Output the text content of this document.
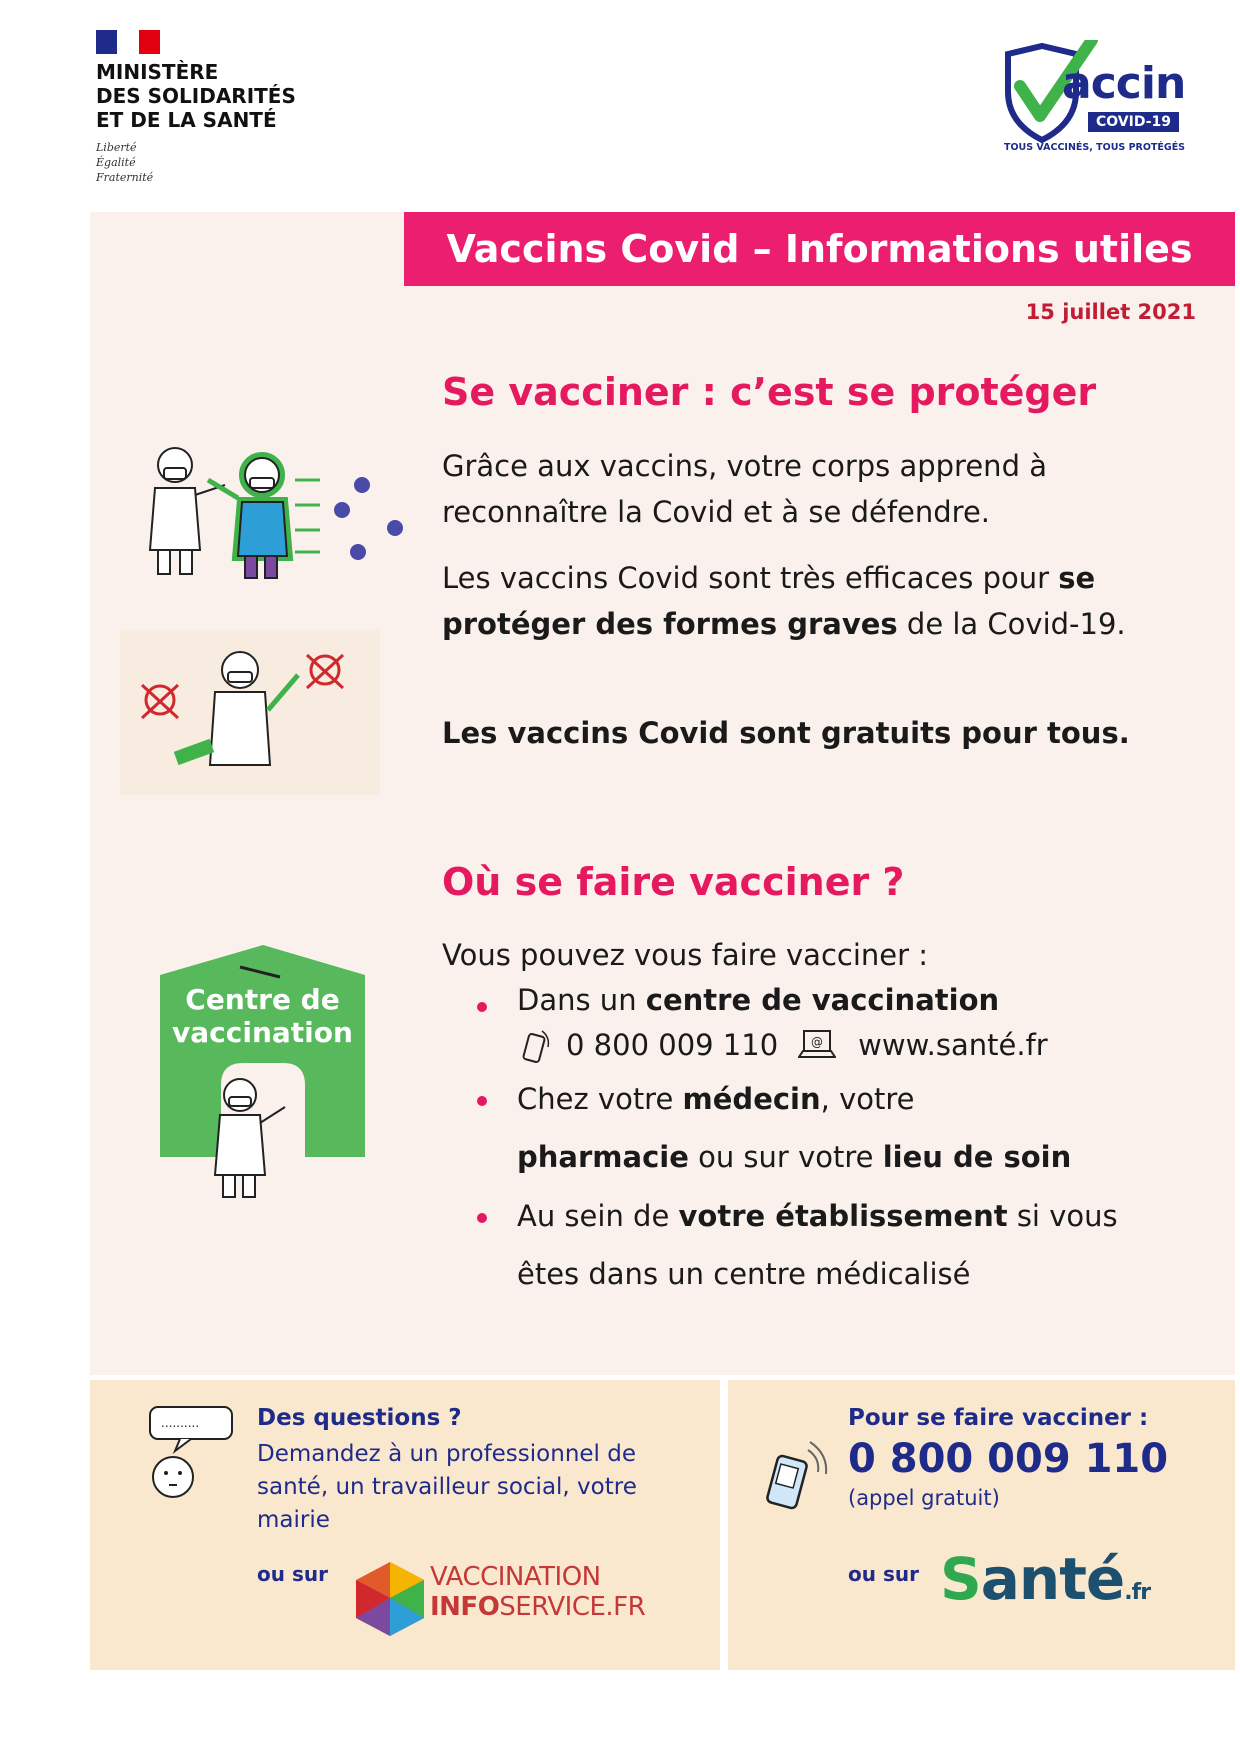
MINISTÈRE
DES SOLIDARITÉS
ET DE LA SANTÉ
Liberté
Égalité
Fraternité
accin
COVID-19
TOUS VACCINÉS, TOUS PROTÉGÉS
Vaccins Covid – Informations utiles
15 juillet 2021
Se vacciner : c’est se protéger
Grâce aux vaccins, votre corps apprend à reconnaître la Covid et à se défendre.
Les vaccins Covid sont très efficaces pour se protéger des formes graves de la Covid-19.
Les vaccins Covid sont gratuits pour tous.
Où se faire vacciner ?
Vous pouvez vous faire vacciner :
Dans un centre de vaccination
0 800 009 110	@ www.santé.fr
Chez votre médecin, votre
pharmacie ou sur votre lieu de soin
Au sein de votre établissement si vous êtes dans un centre médicalisé
Centre de vaccination
..........	Des questions ?
Demandez à un professionnel de santé, un travailleur social, votre mairie
ou sur	VACCINATION
INFOSERVICE.FR
Pour se faire vacciner :
0 800 009 110
(appel gratuit)
ou sur Santé.fr
